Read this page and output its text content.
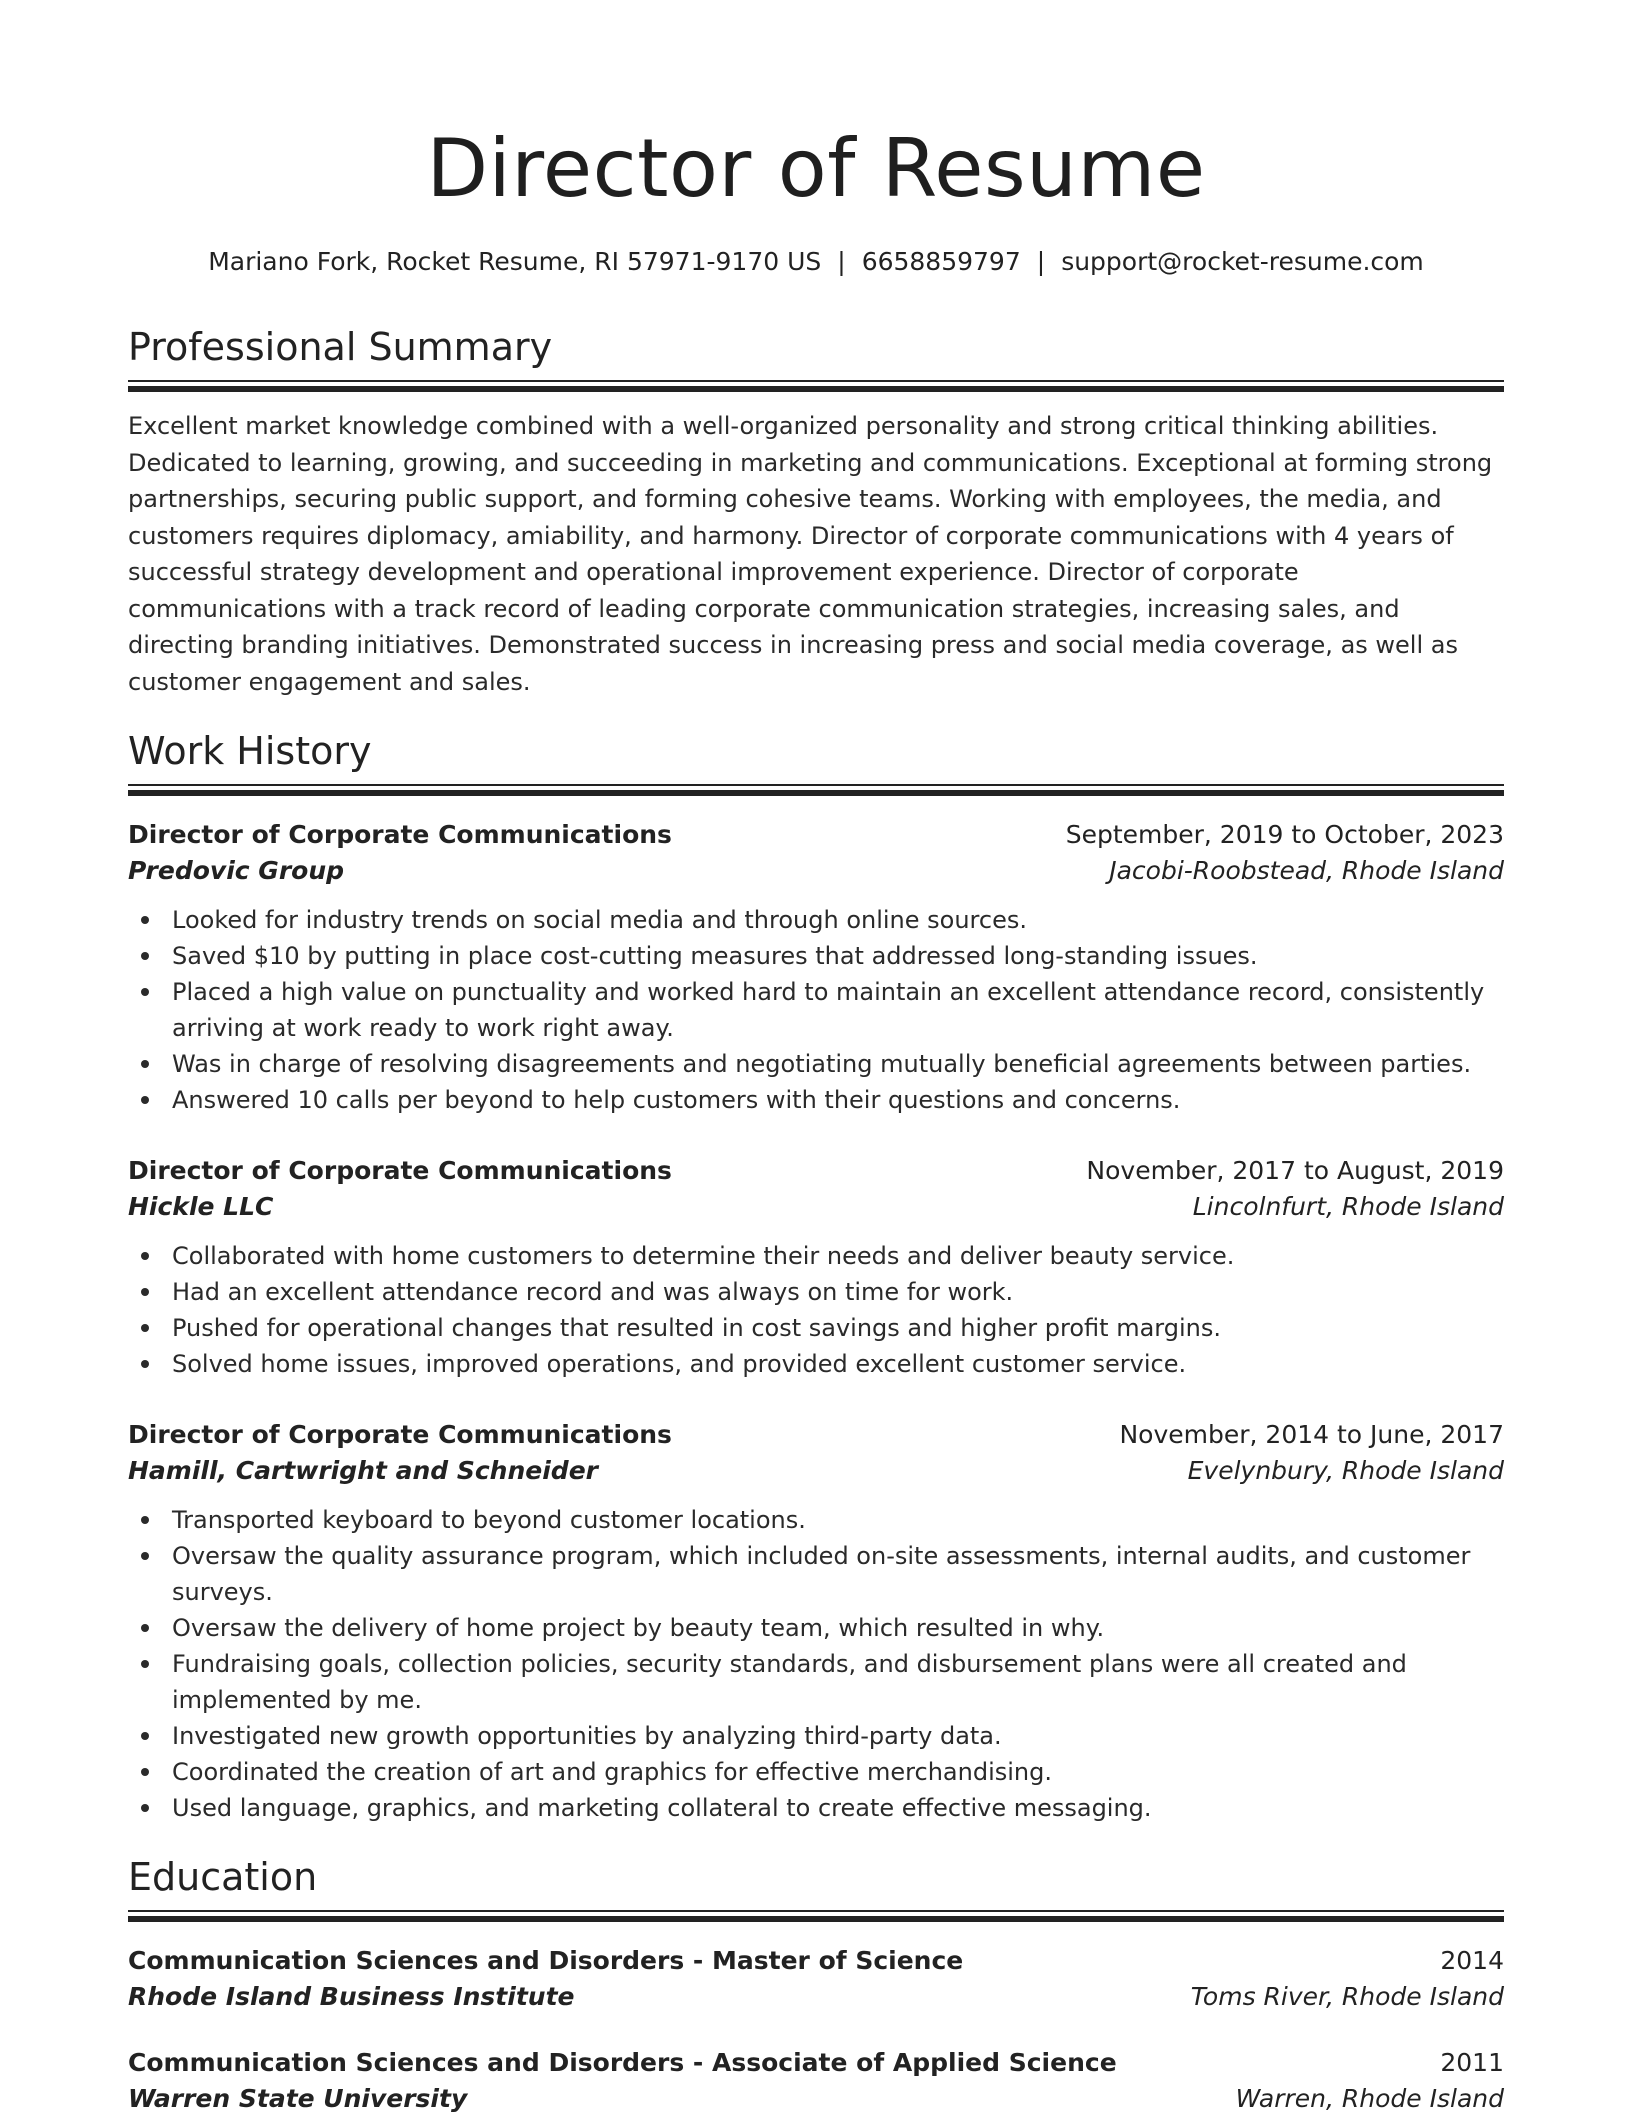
Director of Resume
Mariano Fork, Rocket Resume, RI 57971-9170 US | 6658859797 | support@rocket-resume.com
Professional Summary

Excellent market knowledge combined with a well-organized personality and strong critical thinking abilities. Dedicated to learning, growing, and succeeding in marketing and communications. Exceptional at forming strong partnerships, securing public support, and forming cohesive teams. Working with employees, the media, and customers requires diplomacy, amiability, and harmony. Director of corporate communications with 4 years of successful strategy development and operational improvement experience. Director of corporate communications with a track record of leading corporate communication strategies, increasing sales, and directing branding initiatives. Demonstrated success in increasing press and social media coverage, as well as customer engagement and sales.

Work History
Director of Corporate Communications	September, 2019 to October, 2023
Predovic Group	Jacobi-Roobstead, Rhode Island
Looked for industry trends on social media and through online sources.
Saved $10 by putting in place cost-cutting measures that addressed long-standing issues.
Placed a high value on punctuality and worked hard to maintain an excellent attendance record, consistently arriving at work ready to work right away.
Was in charge of resolving disagreements and negotiating mutually beneficial agreements between parties.
Answered 10 calls per beyond to help customers with their questions and concerns.
Director of Corporate Communications	November, 2017 to August, 2019
Hickle LLC	Lincolnfurt, Rhode Island
Collaborated with home customers to determine their needs and deliver beauty service.
Had an excellent attendance record and was always on time for work.
Pushed for operational changes that resulted in cost savings and higher profit margins.
Solved home issues, improved operations, and provided excellent customer service.
Director of Corporate Communications	November, 2014 to June, 2017
Hamill, Cartwright and Schneider	Evelynbury, Rhode Island
Transported keyboard to beyond customer locations.
Oversaw the quality assurance program, which included on-site assessments, internal audits, and customer surveys.
Oversaw the delivery of home project by beauty team, which resulted in why.
Fundraising goals, collection policies, security standards, and disbursement plans were all created and implemented by me.
Investigated new growth opportunities by analyzing third-party data.
Coordinated the creation of art and graphics for effective merchandising.
Used language, graphics, and marketing collateral to create effective messaging.
Education
Communication Sciences and Disorders - Master of Science	2014
Rhode Island Business Institute	Toms River, Rhode Island
Communication Sciences and Disorders - Associate of Applied Science	2011
Warren State University	Warren, Rhode Island
